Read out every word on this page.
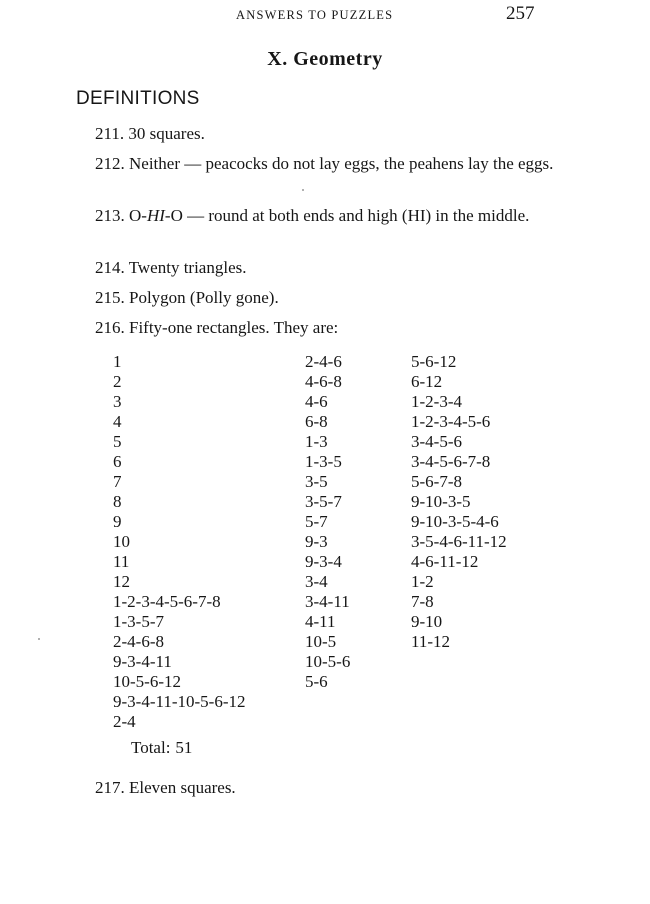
ANSWERS TO PUZZLES	257
X. Geometry
DEFINITIONS

211. 30 squares.

212. Neither — peacocks do not lay eggs, the peahens lay the eggs.

213. O-HI-O — round at both ends and high (HI) in the middle.

214. Twenty triangles.

215. Polygon (Polly gone).

216. Fifty-one rectangles. They are:

1
2
3
4
5
6
7
8
9
10
11
12
1-2-3-4-5-6-7-8
1-3-5-7
2-4-6-8
9-3-4-11
10-5-6-12
9-3-4-11-10-5-6-12
2-4
2-4-6
4-6-8
4-6
6-8
1-3
1-3-5
3-5
3-5-7
5-7
9-3
9-3-4
3-4
3-4-11
4-11
10-5
10-5-6
5-6
5-6-12
6-12
1-2-3-4
1-2-3-4-5-6
3-4-5-6
3-4-5-6-7-8
5-6-7-8
9-10-3-5
9-10-3-5-4-6
3-5-4-6-11-12
4-6-11-12
1-2
7-8
9-10
11-12
Total: 51

217. Eleven squares.
